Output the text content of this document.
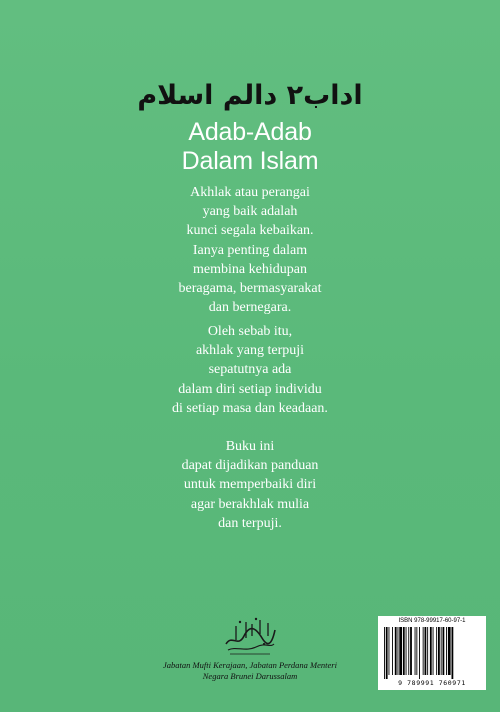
اداب٢ دالم اسلام
Adab-Adab
Dalam Islam
Akhlak atau perangai
yang baik adalah
kunci segala kebaikan.
Ianya penting dalam
membina kehidupan
beragama, bermasyarakat
dan bernegara.
Oleh sebab itu,
akhlak yang terpuji
sepatutnya ada
dalam diri setiap individu
di setiap masa dan keadaan.
Buku ini
dapat dijadikan panduan
untuk memperbaiki diri
agar berakhlak mulia
dan terpuji.
Jabatan Mufti Kerajaan, Jabatan Perdana Menteri
Negara Brunei Darussalam
ISBN 978-99917-60-97-1
9 789991 760971
